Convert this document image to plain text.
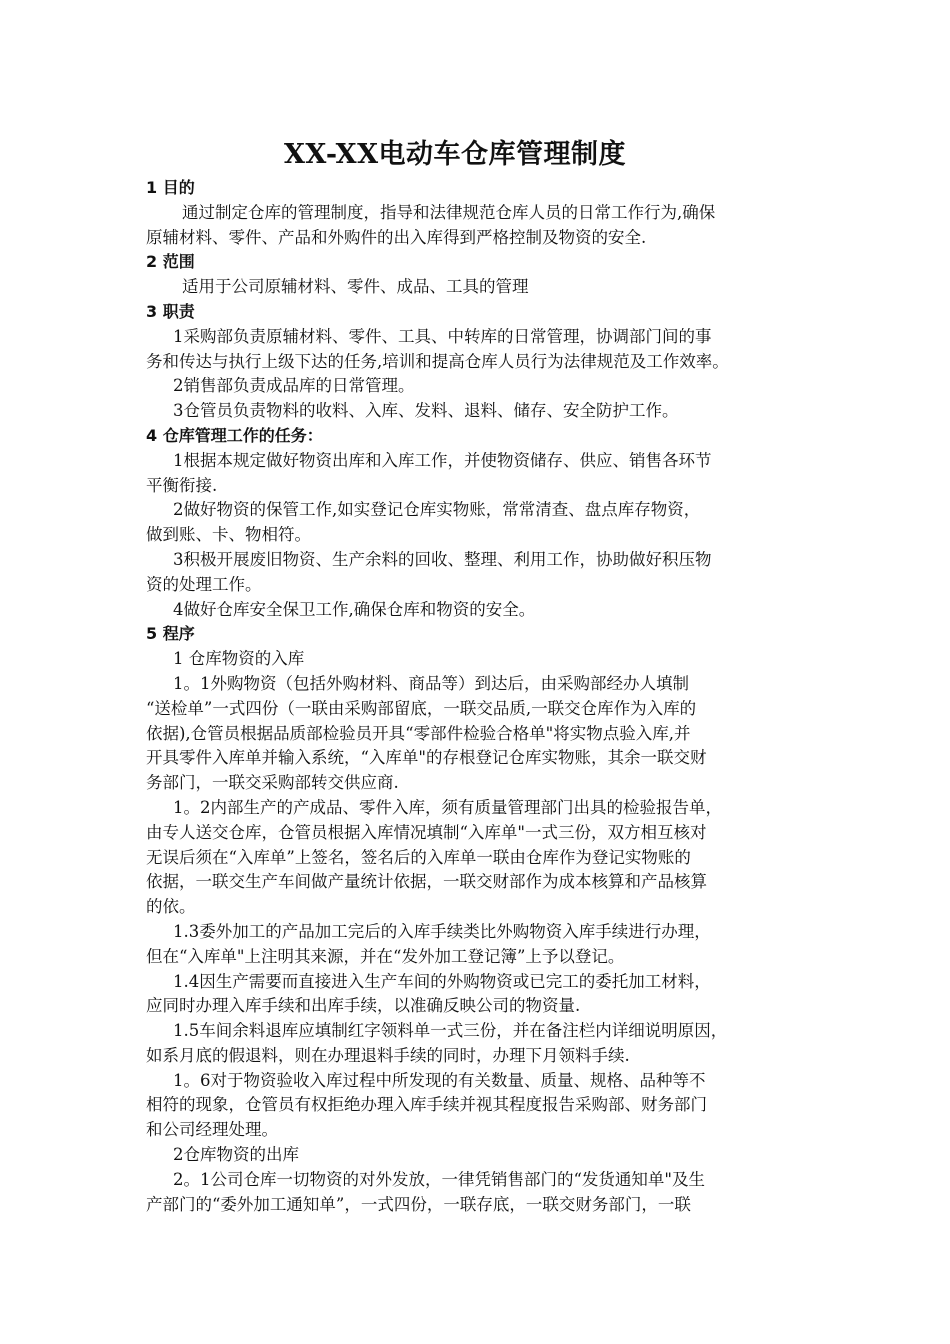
XX-XX电动车仓库管理制度
1 目的
通过制定仓库的管理制度，指导和法律规范仓库人员的日常工作行为,确保
原辅材料、零件、产品和外购件的出入库得到严格控制及物资的安全.
2 范围
适用于公司原辅材料、零件、成品、工具的管理
3 职责
1采购部负责原辅材料、零件、工具、中转库的日常管理，协调部门间的事
务和传达与执行上级下达的任务,培训和提高仓库人员行为法律规范及工作效率。
2销售部负责成品库的日常管理。
3仓管员负责物料的收料、入库、发料、退料、储存、安全防护工作。
4 仓库管理工作的任务：
1根据本规定做好物资出库和入库工作，并使物资储存、供应、销售各环节
平衡衔接.
2做好物资的保管工作,如实登记仓库实物账，常常清查、盘点库存物资，
做到账、卡、物相符。
3积极开展废旧物资、生产余料的回收、整理、利用工作，协助做好积压物
资的处理工作。
4做好仓库安全保卫工作,确保仓库和物资的安全。
5 程序
1 仓库物资的入库
1。1外购物资（包括外购材料、商品等）到达后，由采购部经办人填制
“送检单”一式四份（一联由采购部留底，一联交品质,一联交仓库作为入库的
依据),仓管员根据品质部检验员开具“零部件检验合格单"将实物点验入库,并
开具零件入库单并输入系统，“入库单"的存根登记仓库实物账，其余一联交财
务部门，一联交采购部转交供应商.
1。2内部生产的产成品、零件入库，须有质量管理部门出具的检验报告单，
由专人送交仓库，仓管员根据入库情况填制“入库单"一式三份，双方相互核对
无误后须在“入库单”上签名，签名后的入库单一联由仓库作为登记实物账的
依据，一联交生产车间做产量统计依据，一联交财部作为成本核算和产品核算
的依。
1.3委外加工的产品加工完后的入库手续类比外购物资入库手续进行办理，
但在“入库单"上注明其来源，并在“发外加工登记簿”上予以登记。
1.4因生产需要而直接进入生产车间的外购物资或已完工的委托加工材料，
应同时办理入库手续和出库手续，以准确反映公司的物资量.
1.5车间余料退库应填制红字领料单一式三份，并在备注栏内详细说明原因，
如系月底的假退料，则在办理退料手续的同时，办理下月领料手续.
1。6对于物资验收入库过程中所发现的有关数量、质量、规格、品种等不
相符的现象，仓管员有权拒绝办理入库手续并视其程度报告采购部、财务部门
和公司经理处理。
2仓库物资的出库
2。1公司仓库一切物资的对外发放，一律凭销售部门的“发货通知单"及生
产部门的“委外加工通知单”，一式四份，一联存底，一联交财务部门，一联
